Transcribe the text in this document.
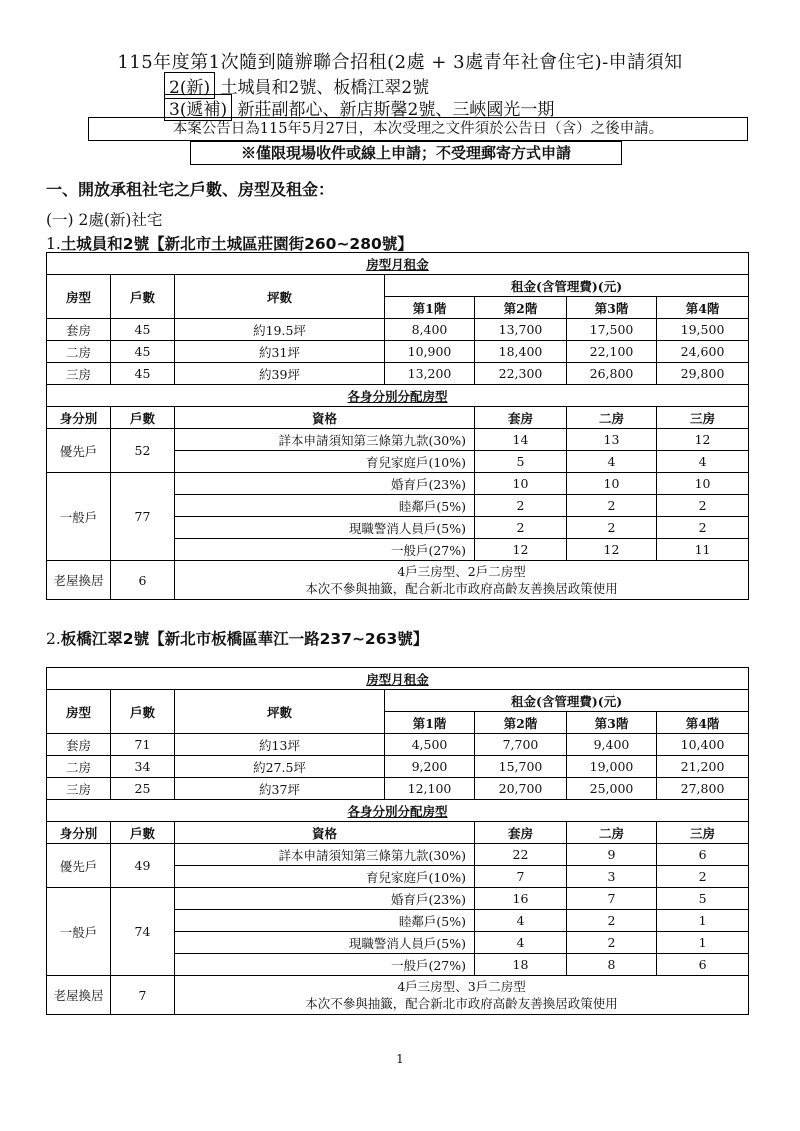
115年度第1次隨到隨辦聯合招租(2處 + 3處青年社會住宅)-申請須知
2(新) 土城員和2號、板橋江翠2號
3(遞補) 新莊副都心、新店斯馨2號、三峽國光一期
本案公告日為115年5月27日，本次受理之文件須於公告日（含）之後申請。
※僅限現場收件或線上申請；不受理郵寄方式申請
一、開放承租社宅之戶數、房型及租金：
(一) 2處(新)社宅
1.土城員和2號【新北市土城區莊園街260~280號】
房型月租金						
房型	戶數	坪數	租金(含管理費)(元)			
			第1階	第2階	第3階	第4階
套房	45	約19.5坪	8,400	13,700	17,500	19,500
二房	45	約31坪	10,900	18,400	22,100	24,600
三房	45	約39坪	13,200	22,300	26,800	29,800
各身分別分配房型						
身分別	戶數	資格		套房	二房	三房
優先戶	52	詳本申請須知第三條第九款(30%)		14	13	12
		育兒家庭戶(10%)		5	4	4
一般戶	77	婚育戶(23%)		10	10	10
		睦鄰戶(5%)		2	2	2
		現職警消人員戶(5%)		2	2	2
		一般戶(27%)		12	12	11
老屋換居	6	4戶三房型、2戶二房型
本次不參與抽籤，配合新北市政府高齡友善換居政策使用				
2.板橋江翠2號【新北市板橋區華江一路237~263號】
房型月租金						
房型	戶數	坪數	租金(含管理費)(元)			
			第1階	第2階	第3階	第4階
套房	71	約13坪	4,500	7,700	9,400	10,400
二房	34	約27.5坪	9,200	15,700	19,000	21,200
三房	25	約37坪	12,100	20,700	25,000	27,800
各身分別分配房型						
身分別	戶數	資格		套房	二房	三房
優先戶	49	詳本申請須知第三條第九款(30%)		22	9	6
		育兒家庭戶(10%)		7	3	2
一般戶	74	婚育戶(23%)		16	7	5
		睦鄰戶(5%)		4	2	1
		現職警消人員戶(5%)		4	2	1
		一般戶(27%)		18	8	6
老屋換居	7	4戶三房型、3戶二房型
本次不參與抽籤，配合新北市政府高齡友善換居政策使用				
1
